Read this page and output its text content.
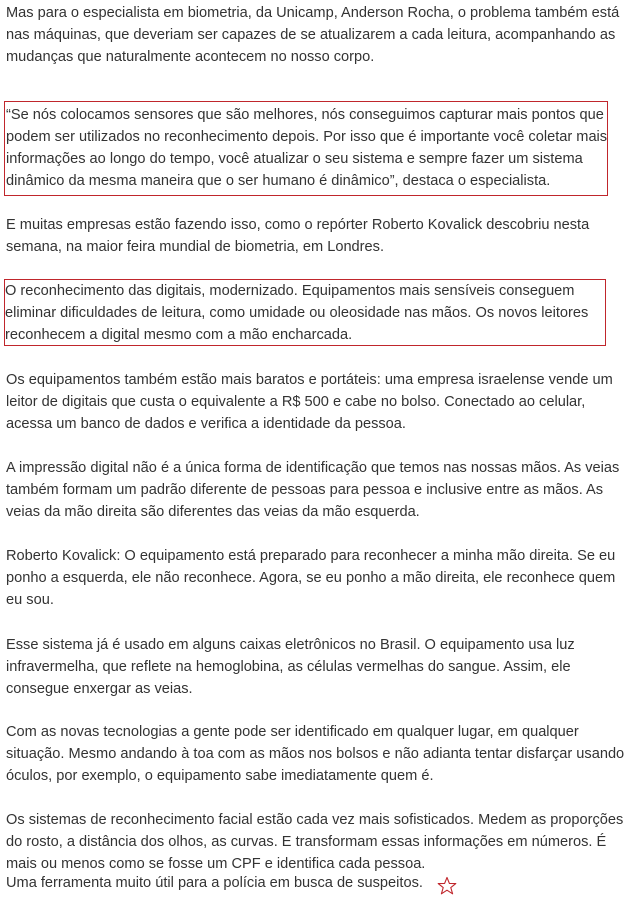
Mas para o especialista em biometria, da Unicamp, Anderson Rocha, o problema também está
nas máquinas, que deveriam ser capazes de se atualizarem a cada leitura, acompanhando as
mudanças que naturalmente acontecem no nosso corpo.

“Se nós colocamos sensores que são melhores, nós conseguimos capturar mais pontos que
podem ser utilizados no reconhecimento depois. Por isso que é importante você coletar mais
informações ao longo do tempo, você atualizar o seu sistema e sempre fazer um sistema
dinâmico da mesma maneira que o ser humano é dinâmico”, destaca o especialista.

E muitas empresas estão fazendo isso, como o repórter Roberto Kovalick descobriu nesta
semana, na maior feira mundial de biometria, em Londres.

O reconhecimento das digitais, modernizado. Equipamentos mais sensíveis conseguem
eliminar dificuldades de leitura, como umidade ou oleosidade nas mãos. Os novos leitores
reconhecem a digital mesmo com a mão encharcada.

Os equipamentos também estão mais baratos e portáteis: uma empresa israelense vende um
leitor de digitais que custa o equivalente a R$ 500 e cabe no bolso. Conectado ao celular,
acessa um banco de dados e verifica a identidade da pessoa.

A impressão digital não é a única forma de identificação que temos nas nossas mãos. As veias
também formam um padrão diferente de pessoas para pessoa e inclusive entre as mãos. As
veias da mão direita são diferentes das veias da mão esquerda.

Roberto Kovalick: O equipamento está preparado para reconhecer a minha mão direita. Se eu
ponho a esquerda, ele não reconhece. Agora, se eu ponho a mão direita, ele reconhece quem
eu sou.

Esse sistema já é usado em alguns caixas eletrônicos no Brasil. O equipamento usa luz
infravermelha, que reflete na hemoglobina, as células vermelhas do sangue. Assim, ele
consegue enxergar as veias.

Com as novas tecnologias a gente pode ser identificado em qualquer lugar, em qualquer
situação. Mesmo andando à toa com as mãos nos bolsos e não adianta tentar disfarçar usando
óculos, por exemplo, o equipamento sabe imediatamente quem é.

Os sistemas de reconhecimento facial estão cada vez mais sofisticados. Medem as proporções
do rosto, a distância dos olhos, as curvas. E transformam essas informações em números. É
mais ou menos como se fosse um CPF e identifica cada pessoa.
Uma ferramenta muito útil para a polícia em busca de suspeitos.
